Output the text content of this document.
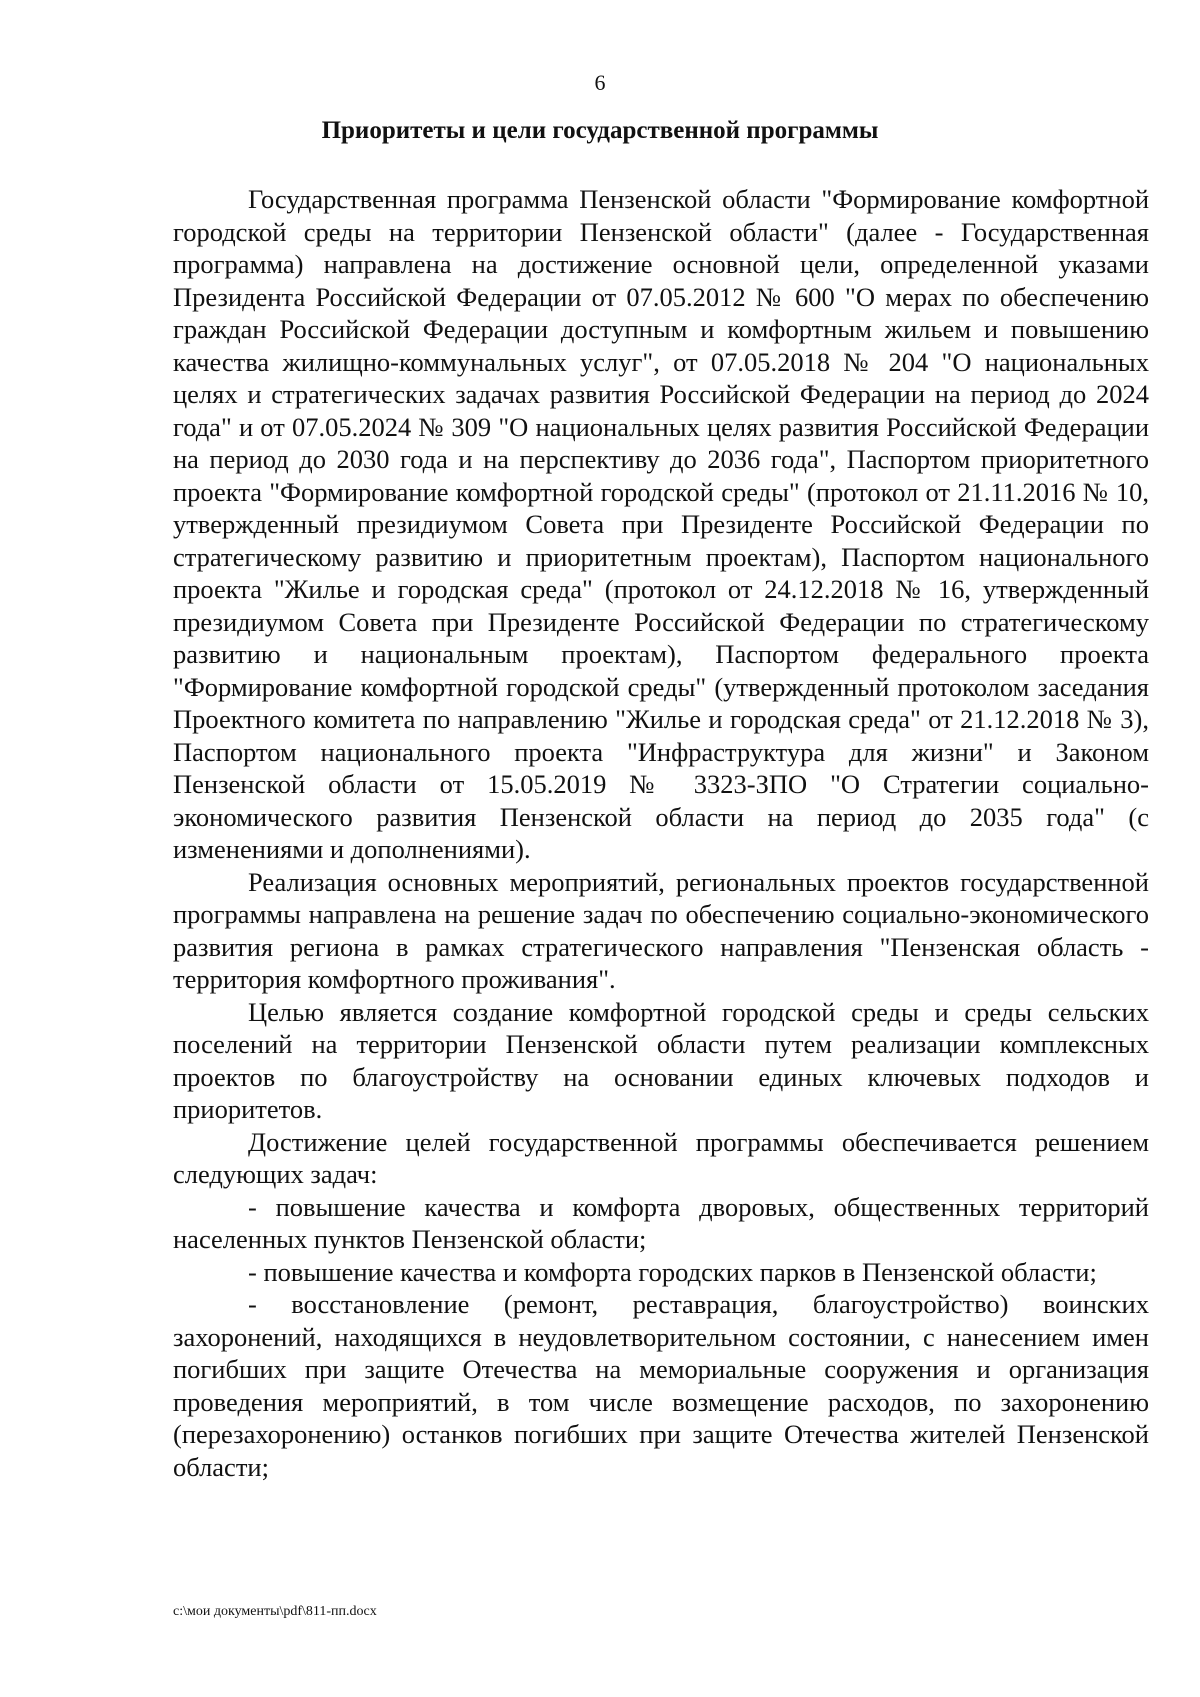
6
Приоритеты и цели государственной программы

Государственная программа Пензенской области "Формирование комфортной городской среды на территории Пензенской области" (далее - Государственная программа) направлена на достижение основной цели, определенной указами Президента Российской Федерации от 07.05.2012 № 600 "О мерах по обеспечению граждан Российской Федерации доступным и комфортным жильем и повышению качества жилищно-коммунальных услуг", от 07.05.2018 № 204 "О национальных целях и стратегических задачах развития Российской Федерации на период до 2024 года" и от 07.05.2024 № 309 "О национальных целях развития Российской Федерации на период до 2030 года и на перспективу до 2036 года", Паспортом приоритетного проекта "Формирование комфортной городской среды" (протокол от 21.11.2016 № 10, утвержденный президиумом Совета при Президенте Российской Федерации по стратегическому развитию и приоритетным проектам), Паспортом национального проекта "Жилье и городская среда" (протокол от 24.12.2018 № 16, утвержденный президиумом Совета при Президенте Российской Федерации по стратегическому развитию и национальным проектам), Паспортом федерального проекта "Формирование комфортной городской среды" (утвержденный протоколом заседания Проектного комитета по направлению "Жилье и городская среда" от 21.12.2018 № 3), Паспортом национального проекта "Инфраструктура для жизни" и Законом Пензенской области от 15.05.2019 № 3323-ЗПО "О Стратегии социально-экономического развития Пензенской области на период до 2035 года" (с изменениями и дополнениями).

Реализация основных мероприятий, региональных проектов государственной программы направлена на решение задач по обеспечению социально-экономического развития региона в рамках стратегического направления "Пензенская область - территория комфортного проживания".

Целью является создание комфортной городской среды и среды сельских поселений на территории Пензенской области путем реализации комплексных проектов по благоустройству на основании единых ключевых подходов и приоритетов.

Достижение целей государственной программы обеспечивается решением следующих задач:

- повышение качества и комфорта дворовых, общественных территорий населенных пунктов Пензенской области;

- повышение качества и комфорта городских парков в Пензенской области;

- восстановление (ремонт, реставрация, благоустройство) воинских захоронений, находящихся в неудовлетворительном состоянии, с нанесением имен погибших при защите Отечества на мемориальные сооружения и организация проведения мероприятий, в том числе возмещение расходов, по захоронению (перезахоронению) останков погибших при защите Отечества жителей Пензенской области;

c:\мои документы\pdf\811-пп.docx
